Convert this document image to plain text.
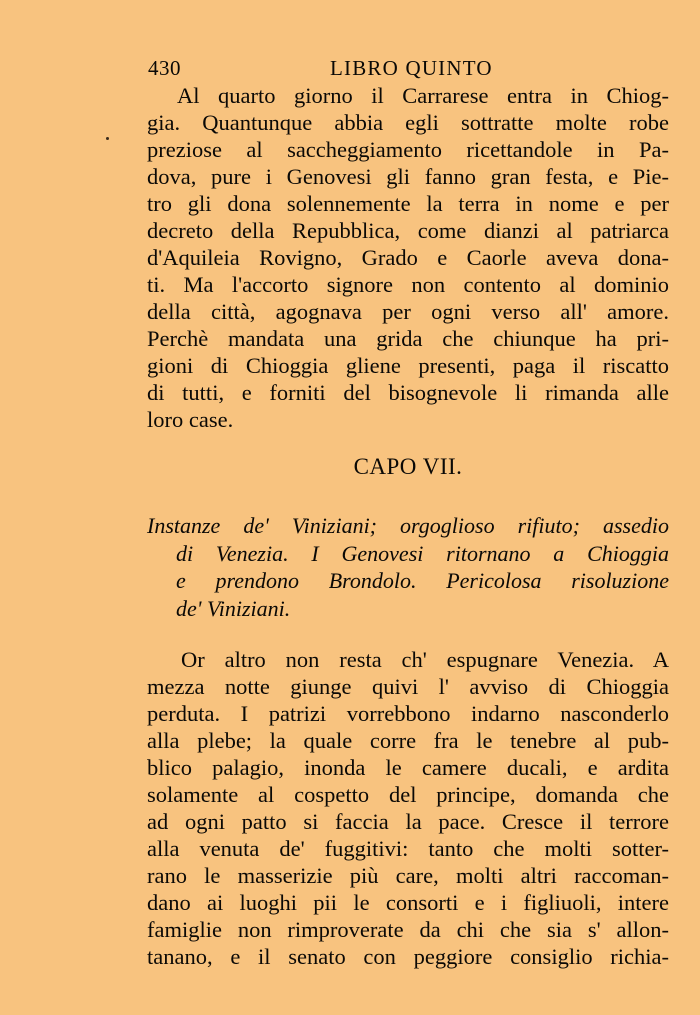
430	LIBRO QUINTO
Al quarto giorno il Carrarese entra in Chiog-
gia. Quantunque abbia egli sottratte molte robe
preziose al saccheggiamento ricettandole in Pa-
dova, pure i Genovesi gli fanno gran festa, e Pie-
tro gli dona solennemente la terra in nome e per
decreto della Repubblica, come dianzi al patriarca
d'Aquileia Rovigno, Grado e Caorle aveva dona-
ti. Ma l'accorto signore non contento al dominio
della città, agognava per ogni verso all' amore.
Perchè mandata una grida che chiunque ha pri-
gioni di Chioggia gliene presenti, paga il riscatto
di tutti, e forniti del bisognevole li rimanda alle
loro case.
CAPO VII.
Instanze de' Viniziani; orgoglioso rifiuto; assedio
di Venezia. I Genovesi ritornano a Chioggia
e prendono Brondolo. Pericolosa risoluzione
de' Viniziani.
Or altro non resta ch' espugnare Venezia. A
mezza notte giunge quivi l' avviso di Chioggia
perduta. I patrizi vorrebbono indarno nasconderlo
alla plebe; la quale corre fra le tenebre al pub-
blico palagio, inonda le camere ducali, e ardita
solamente al cospetto del principe, domanda che
ad ogni patto si faccia la pace. Cresce il terrore
alla venuta de' fuggitivi: tanto che molti sotter-
rano le masserizie più care, molti altri raccoman-
dano ai luoghi pii le consorti e i figliuoli, intere
famiglie non rimproverate da chi che sia s' allon-
tanano, e il senato con peggiore consiglio richia-
